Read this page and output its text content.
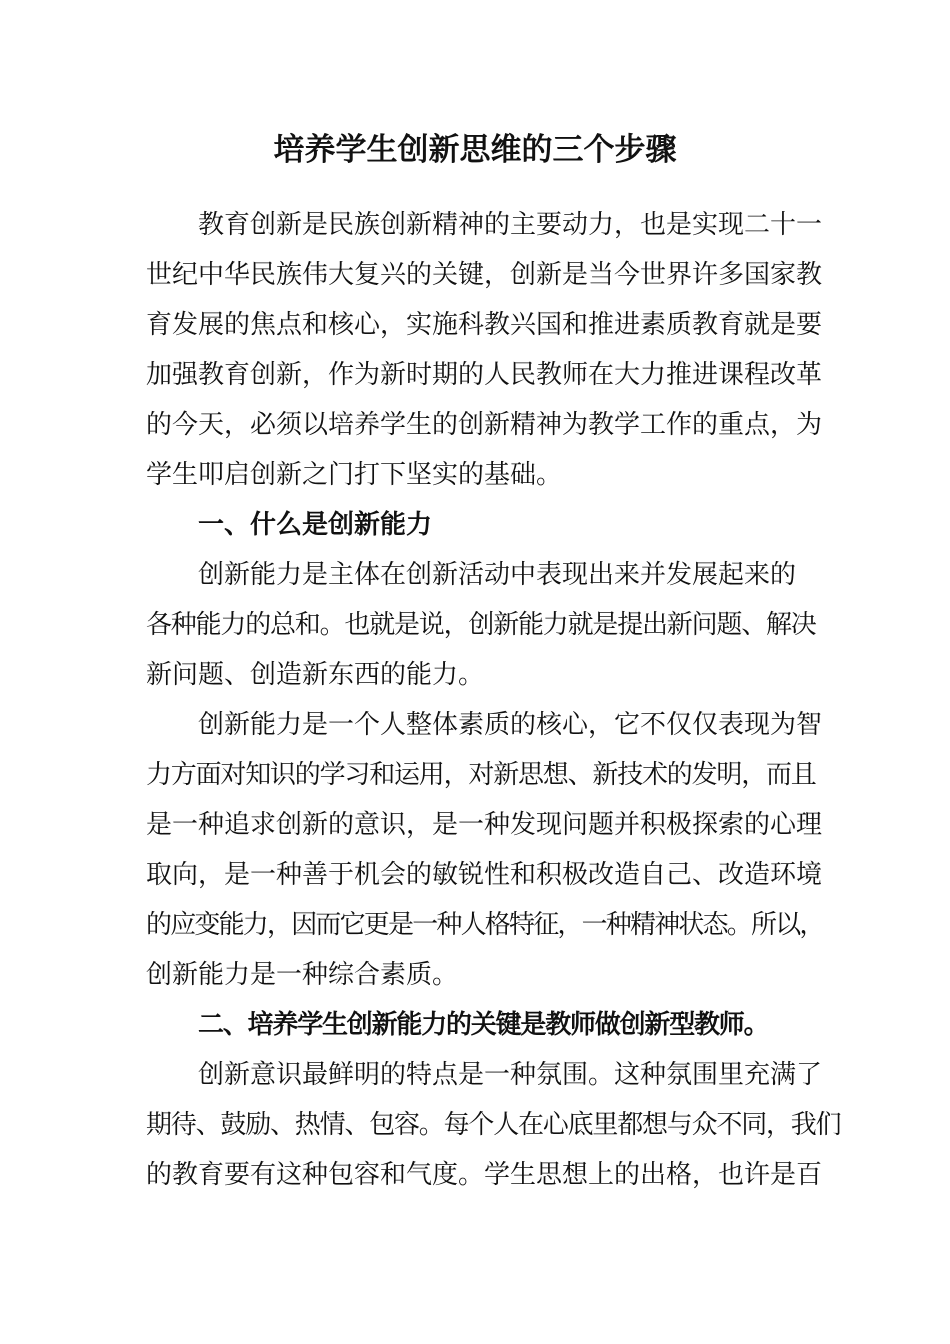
培养学生创新思维的三个步骤
教育创新是民族创新精神的主要动力，也是实现二十一
世纪中华民族伟大复兴的关键，创新是当今世界许多国家教
育发展的焦点和核心，实施科教兴国和推进素质教育就是要
加强教育创新，作为新时期的人民教师在大力推进课程改革
的今天，必须以培养学生的创新精神为教学工作的重点，为
学生叩启创新之门打下坚实的基础。
一、什么是创新能力
创新能力是主体在创新活动中表现出来并发展起来的
各种能力的总和。也就是说，创新能力就是提出新问题、解决
新问题、创造新东西的能力。
创新能力是一个人整体素质的核心，它不仅仅表现为智
力方面对知识的学习和运用，对新思想、新技术的发明，而且
是一种追求创新的意识，是一种发现问题并积极探索的心理
取向，是一种善于机会的敏锐性和积极改造自己、改造环境
的应变能力，因而它更是一种人格特征，一种精神状态。所以，
创新能力是一种综合素质。
二、培养学生创新能力的关键是教师做创新型教师。
创新意识最鲜明的特点是一种氛围。这种氛围里充满了
期待、鼓励、热情、包容。每个人在心底里都想与众不同，我们
的教育要有这种包容和气度。学生思想上的出格，也许是百
